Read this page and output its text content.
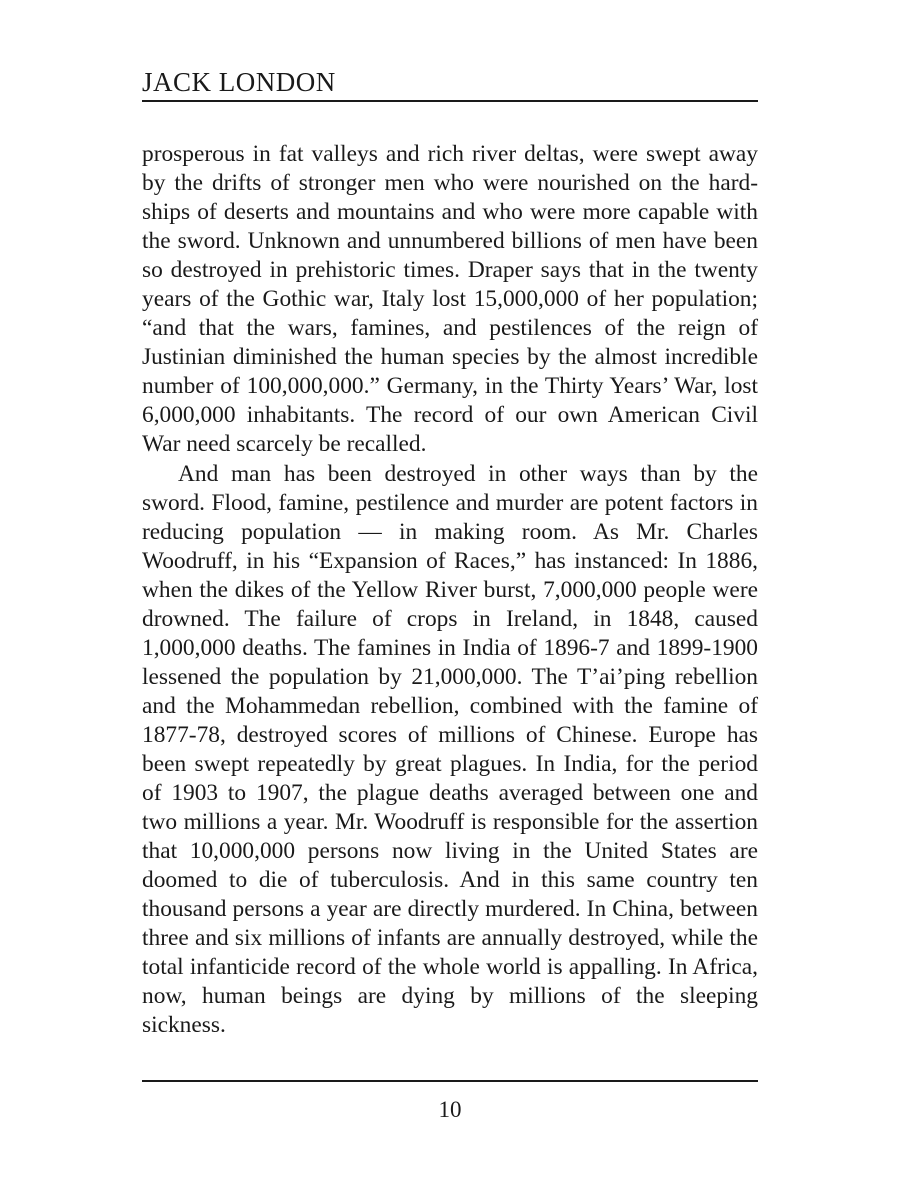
JACK LONDON

prosperous in fat valleys and rich river deltas, were swept away by the drifts of stronger men who were nourished on the hardships of deserts and mountains and who were more capable with the sword. Unknown and unnumbered billions of men have been so destroyed in prehistoric times. Draper says that in the twenty years of the Gothic war, Italy lost 15,000,000 of her population; “and that the wars, famines, and pestilences of the reign of Justinian diminished the human species by the almost incredible number of 100,000,000.” Germany, in the Thirty Years’ War, lost 6,000,000 inhabitants. The record of our own American Civil War need scarcely be recalled.

And man has been destroyed in other ways than by the sword. Flood, famine, pestilence and murder are potent factors in reducing population — in making room. As Mr. Charles Woodruff, in his “Expansion of Races,” has instanced: In 1886, when the dikes of the Yellow River burst, 7,000,000 people were drowned. The failure of crops in Ireland, in 1848, caused 1,000,000 deaths. The famines in India of 1896-7 and 1899-1900 lessened the population by 21,000,000. The T’ai’ping rebellion and the Mohammedan rebellion, combined with the famine of 1877-78, destroyed scores of millions of Chinese. Europe has been swept repeatedly by great plagues. In India, for the period of 1903 to 1907, the plague deaths averaged between one and two millions a year. Mr. Woodruff is responsible for the assertion that 10,000,000 persons now living in the United States are doomed to die of tuberculosis. And in this same country ten thousand persons a year are directly murdered. In China, between three and six millions of infants are annually destroyed, while the total infanticide record of the whole world is appalling. In Africa, now, human beings are dying by millions of the sleeping sickness.

10
